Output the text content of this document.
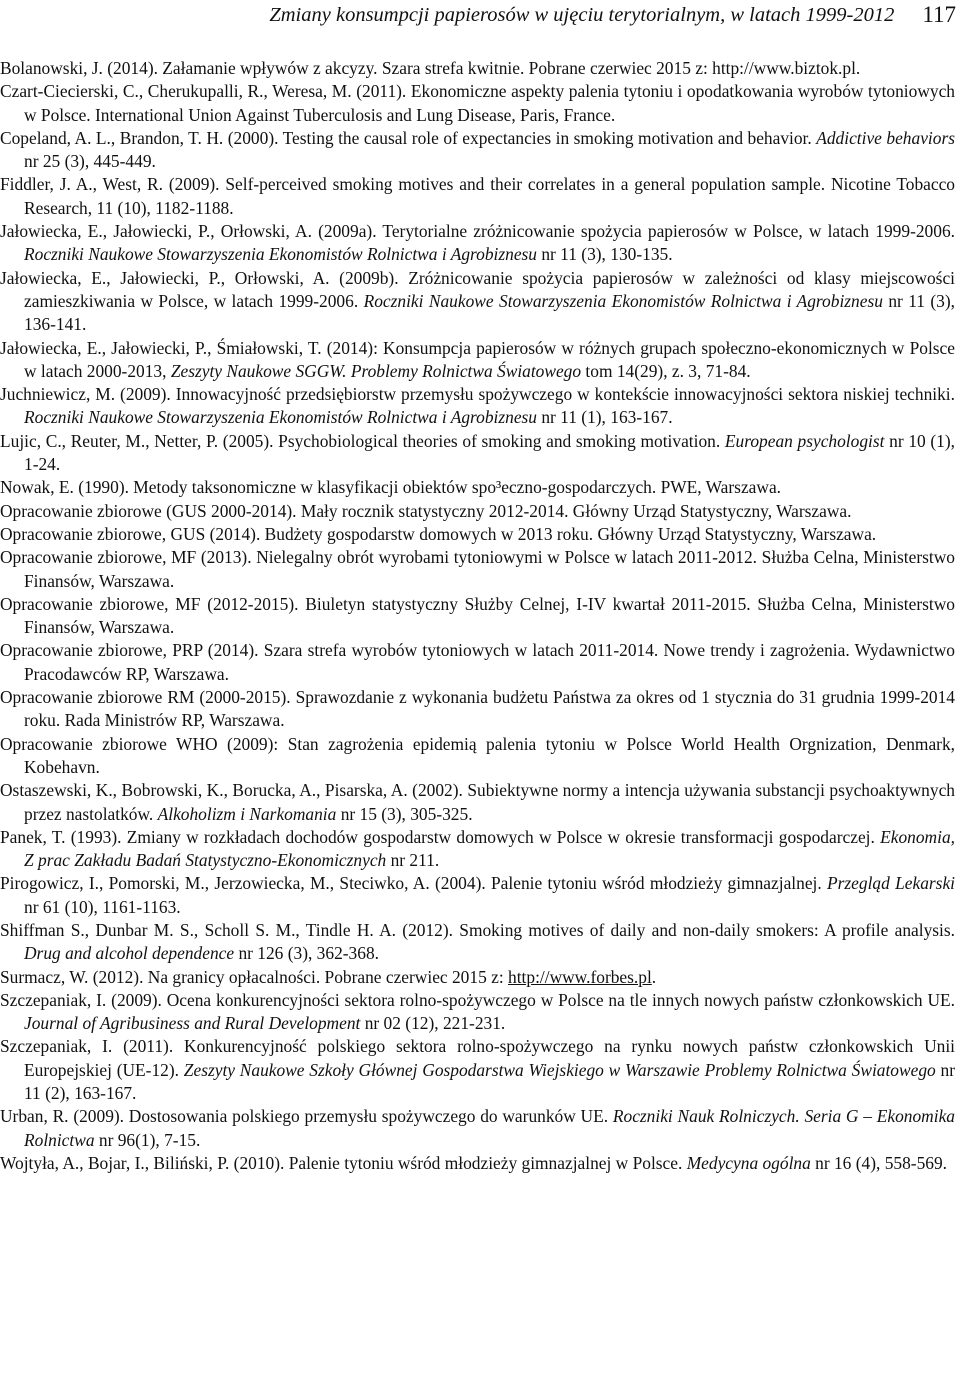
Zmiany konsumpcji papierosów w ujęciu terytorialnym, w latach 1999-2012 117

Bolanowski, J. (2014). Załamanie wpływów z akcyzy. Szara strefa kwitnie. Pobrane czerwiec 2015 z: http://www.biztok.pl.

Czart-Ciecierski, C., Cherukupalli, R., Weresa, M. (2011). Ekonomiczne aspekty palenia tytoniu i opodatkowania wyrobów tytoniowych w Polsce. International Union Against Tuberculosis and Lung Disease, Paris, France.

Copeland, A. L., Brandon, T. H. (2000). Testing the causal role of expectancies in smoking motivation and behavior. Addictive behaviors nr 25 (3), 445-449.

Fiddler, J. A., West, R. (2009). Self-perceived smoking motives and their correlates in a general population sample. Nicotine Tobacco Research, 11 (10), 1182-1188.

Jałowiecka, E., Jałowiecki, P., Orłowski, A. (2009a). Terytorialne zróżnicowanie spożycia papierosów w Polsce, w latach 1999-2006. Roczniki Naukowe Stowarzyszenia Ekonomistów Rolnictwa i Agrobiznesu nr 11 (3), 130-135.

Jałowiecka, E., Jałowiecki, P., Orłowski, A. (2009b). Zróżnicowanie spożycia papierosów w zależności od klasy miejscowości zamieszkiwania w Polsce, w latach 1999-2006. Roczniki Naukowe Stowarzyszenia Ekonomistów Rolnictwa i Agrobiznesu nr 11 (3), 136-141.

Jałowiecka, E., Jałowiecki, P., Śmiałowski, T. (2014): Konsumpcja papierosów w różnych grupach społeczno-ekonomicznych w Polsce w latach 2000-2013, Zeszyty Naukowe SGGW. Problemy Rolnictwa Światowego tom 14(29), z. 3, 71-84.

Juchniewicz, M. (2009). Innowacyjność przedsiębiorstw przemysłu spożywczego w kontekście innowacyjności sektora niskiej techniki. Roczniki Naukowe Stowarzyszenia Ekonomistów Rolnictwa i Agrobiznesu nr 11 (1), 163-167.

Lujic, C., Reuter, M., Netter, P. (2005). Psychobiological theories of smoking and smoking motivation. European psychologist nr 10 (1), 1-24.

Nowak, E. (1990). Metody taksonomiczne w klasyfikacji obiektów spo³eczno-gospodarczych. PWE, Warszawa.

Opracowanie zbiorowe (GUS 2000-2014). Mały rocznik statystyczny 2012-2014. Główny Urząd Statystyczny, Warszawa.

Opracowanie zbiorowe, GUS (2014). Budżety gospodarstw domowych w 2013 roku. Główny Urząd Statystyczny, Warszawa.

Opracowanie zbiorowe, MF (2013). Nielegalny obrót wyrobami tytoniowymi w Polsce w latach 2011-2012. Służba Celna, Ministerstwo Finansów, Warszawa.

Opracowanie zbiorowe, MF (2012-2015). Biuletyn statystyczny Służby Celnej, I-IV kwartał 2011-2015. Służba Celna, Ministerstwo Finansów, Warszawa.

Opracowanie zbiorowe, PRP (2014). Szara strefa wyrobów tytoniowych w latach 2011-2014. Nowe trendy i zagrożenia. Wydawnictwo Pracodawców RP, Warszawa.

Opracowanie zbiorowe RM (2000-2015). Sprawozdanie z wykonania budżetu Państwa za okres od 1 stycznia do 31 grudnia 1999-2014 roku. Rada Ministrów RP, Warszawa.

Opracowanie zbiorowe WHO (2009): Stan zagrożenia epidemią palenia tytoniu w Polsce World Health Orgnization, Denmark, Kobehavn.

Ostaszewski, K., Bobrowski, K., Borucka, A., Pisarska, A. (2002). Subiektywne normy a intencja używania substancji psychoaktywnych przez nastolatków. Alkoholizm i Narkomania nr 15 (3), 305-325.

Panek, T. (1993). Zmiany w rozkładach dochodów gospodarstw domowych w Polsce w okresie transformacji gospodarczej. Ekonomia, Z prac Zakładu Badań Statystyczno-Ekonomicznych nr 211.

Pirogowicz, I., Pomorski, M., Jerzowiecka, M., Steciwko, A. (2004). Palenie tytoniu wśród młodzieży gimnazjalnej. Przegląd Lekarski nr 61 (10), 1161-1163.

Shiffman S., Dunbar M. S., Scholl S. M., Tindle H. A. (2012). Smoking motives of daily and non-daily smokers: A profile analysis. Drug and alcohol dependence nr 126 (3), 362-368.

Surmacz, W. (2012). Na granicy opłacalności. Pobrane czerwiec 2015 z: http://www.forbes.pl.

Szczepaniak, I. (2009). Ocena konkurencyjności sektora rolno-spożywczego w Polsce na tle innych nowych państw członkowskich UE. Journal of Agribusiness and Rural Development nr 02 (12), 221-231.

Szczepaniak, I. (2011). Konkurencyjność polskiego sektora rolno-spożywczego na rynku nowych państw członkowskich Unii Europejskiej (UE-12). Zeszyty Naukowe Szkoły Głównej Gospodarstwa Wiejskiego w Warszawie Problemy Rolnictwa Światowego nr 11 (2), 163-167.

Urban, R. (2009). Dostosowania polskiego przemysłu spożywczego do warunków UE. Roczniki Nauk Rolniczych. Seria G – Ekonomika Rolnictwa nr 96(1), 7-15.

Wojtyła, A., Bojar, I., Biliński, P. (2010). Palenie tytoniu wśród młodzieży gimnazjalnej w Polsce. Medycyna ogólna nr 16 (4), 558-569.
